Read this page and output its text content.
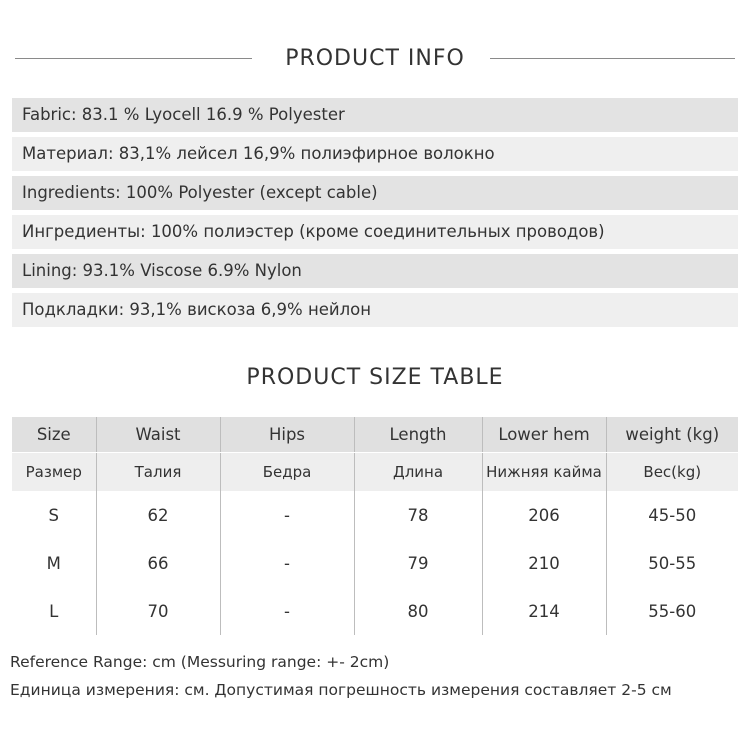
PRODUCT INFO
Fabric: 83.1 % Lyocell 16.9 % Polyester
Материал: 83,1% лейсел 16,9% полиэфирное волокно
Ingredients: 100% Polyester (except cable)
Ингредиенты: 100% полиэстер (кроме соединительных проводов)
Lining: 93.1% Viscose 6.9% Nylon
Подкладки: 93,1% вискоза 6,9% нейлон
PRODUCT SIZE TABLE
Size	Waist	Hips	Length	Lower hem	weight (kg)
Размер	Талия	Бедра	Длина	Нижняя кайма	Вес(kg)
S	62	-	78	206	45-50
M	66	-	79	210	50-55
L	70	-	80	214	55-60
Reference Range: cm (Messuring range: +- 2cm)
Единица измерения: см. Допустимая погрешность измерения составляет 2-5 см
